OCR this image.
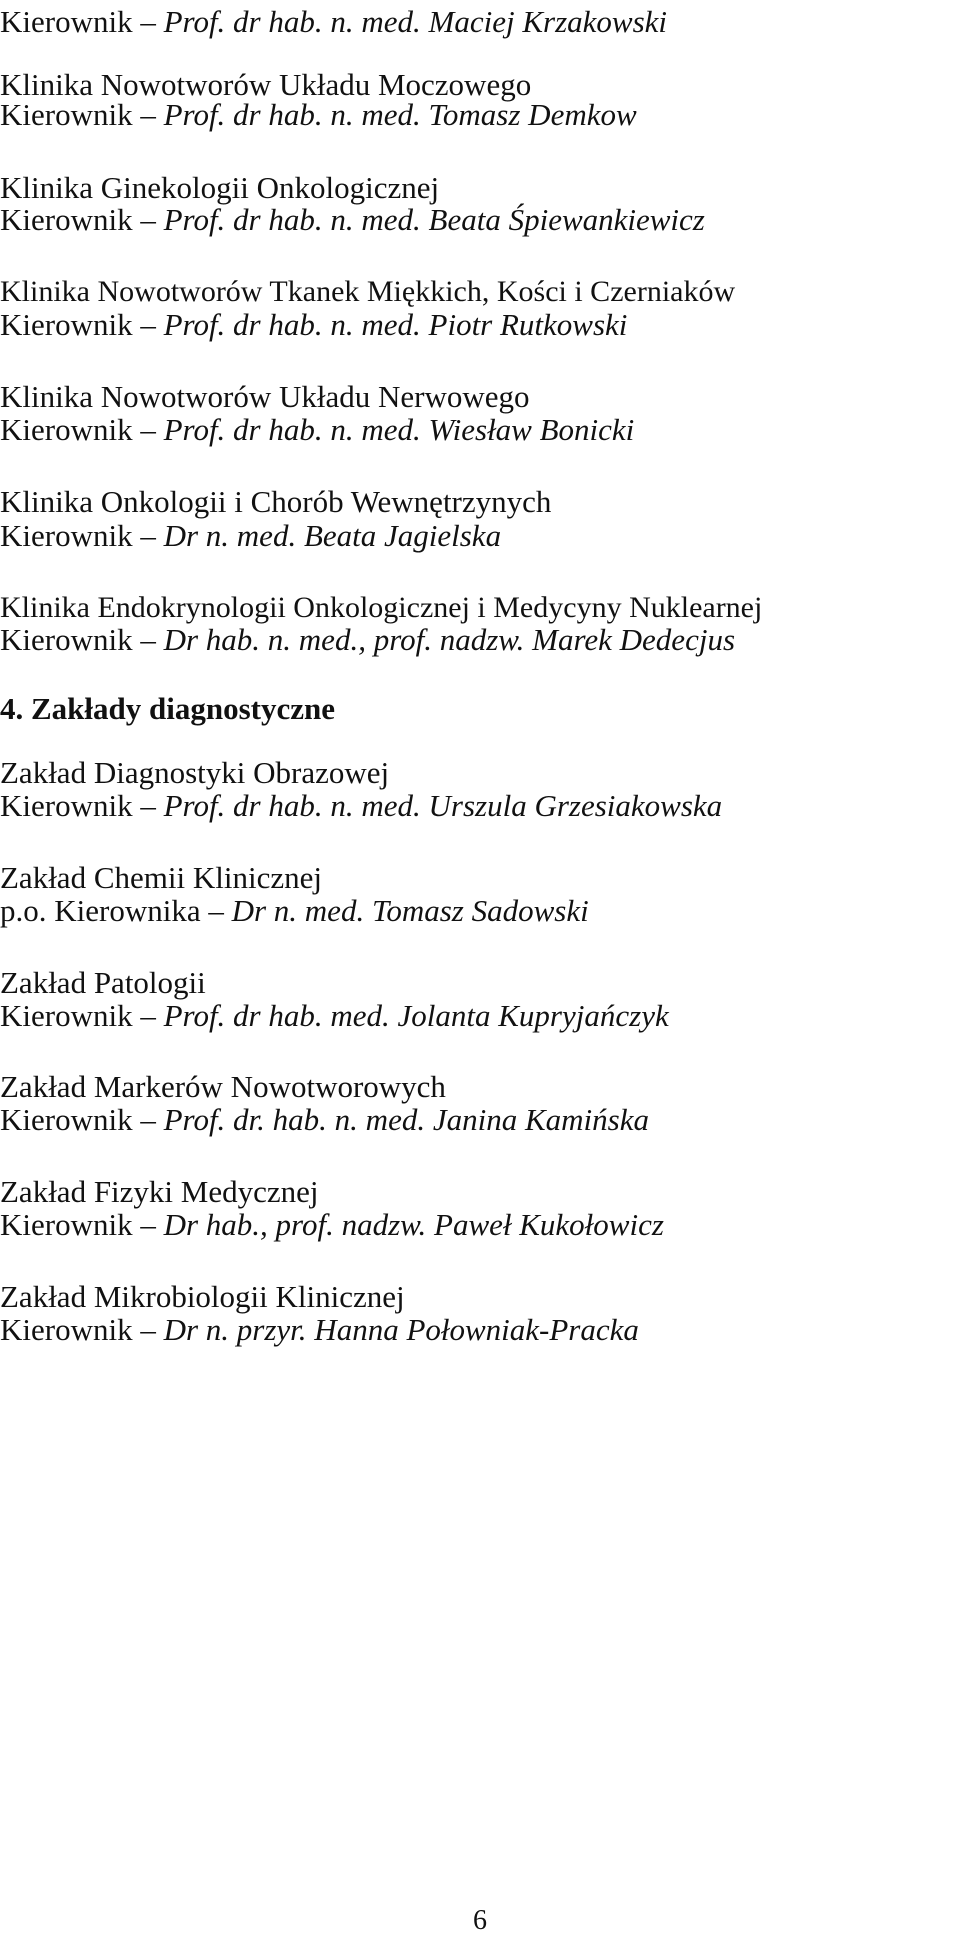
Kierownik – Prof. dr hab. n. med. Maciej Krzakowski
Klinika Nowotworów Układu Moczowego
Kierownik – Prof. dr hab. n. med. Tomasz Demkow
Klinika Ginekologii Onkologicznej
Kierownik – Prof. dr hab. n. med. Beata Śpiewankiewicz
Klinika Nowotworów Tkanek Miękkich, Kości i Czerniaków
Kierownik – Prof. dr hab. n. med. Piotr Rutkowski
Klinika Nowotworów Układu Nerwowego
Kierownik – Prof. dr hab. n. med. Wiesław Bonicki
Klinika Onkologii i Chorób Wewnętrzynych
Kierownik – Dr n. med. Beata Jagielska
Klinika Endokrynologii Onkologicznej i Medycyny Nuklearnej
Kierownik – Dr hab. n. med., prof. nadzw. Marek Dedecjus
4. Zakłady diagnostyczne
Zakład Diagnostyki Obrazowej
Kierownik – Prof. dr hab. n. med. Urszula Grzesiakowska
Zakład Chemii Klinicznej
p.o. Kierownika – Dr n. med. Tomasz Sadowski
Zakład Patologii
Kierownik – Prof. dr hab. med. Jolanta Kupryjańczyk
Zakład Markerów Nowotworowych
Kierownik – Prof. dr. hab. n. med. Janina Kamińska
Zakład Fizyki Medycznej
Kierownik – Dr hab., prof. nadzw. Paweł Kukołowicz
Zakład Mikrobiologii Klinicznej
Kierownik – Dr n. przyr. Hanna Połowniak-Pracka
6
